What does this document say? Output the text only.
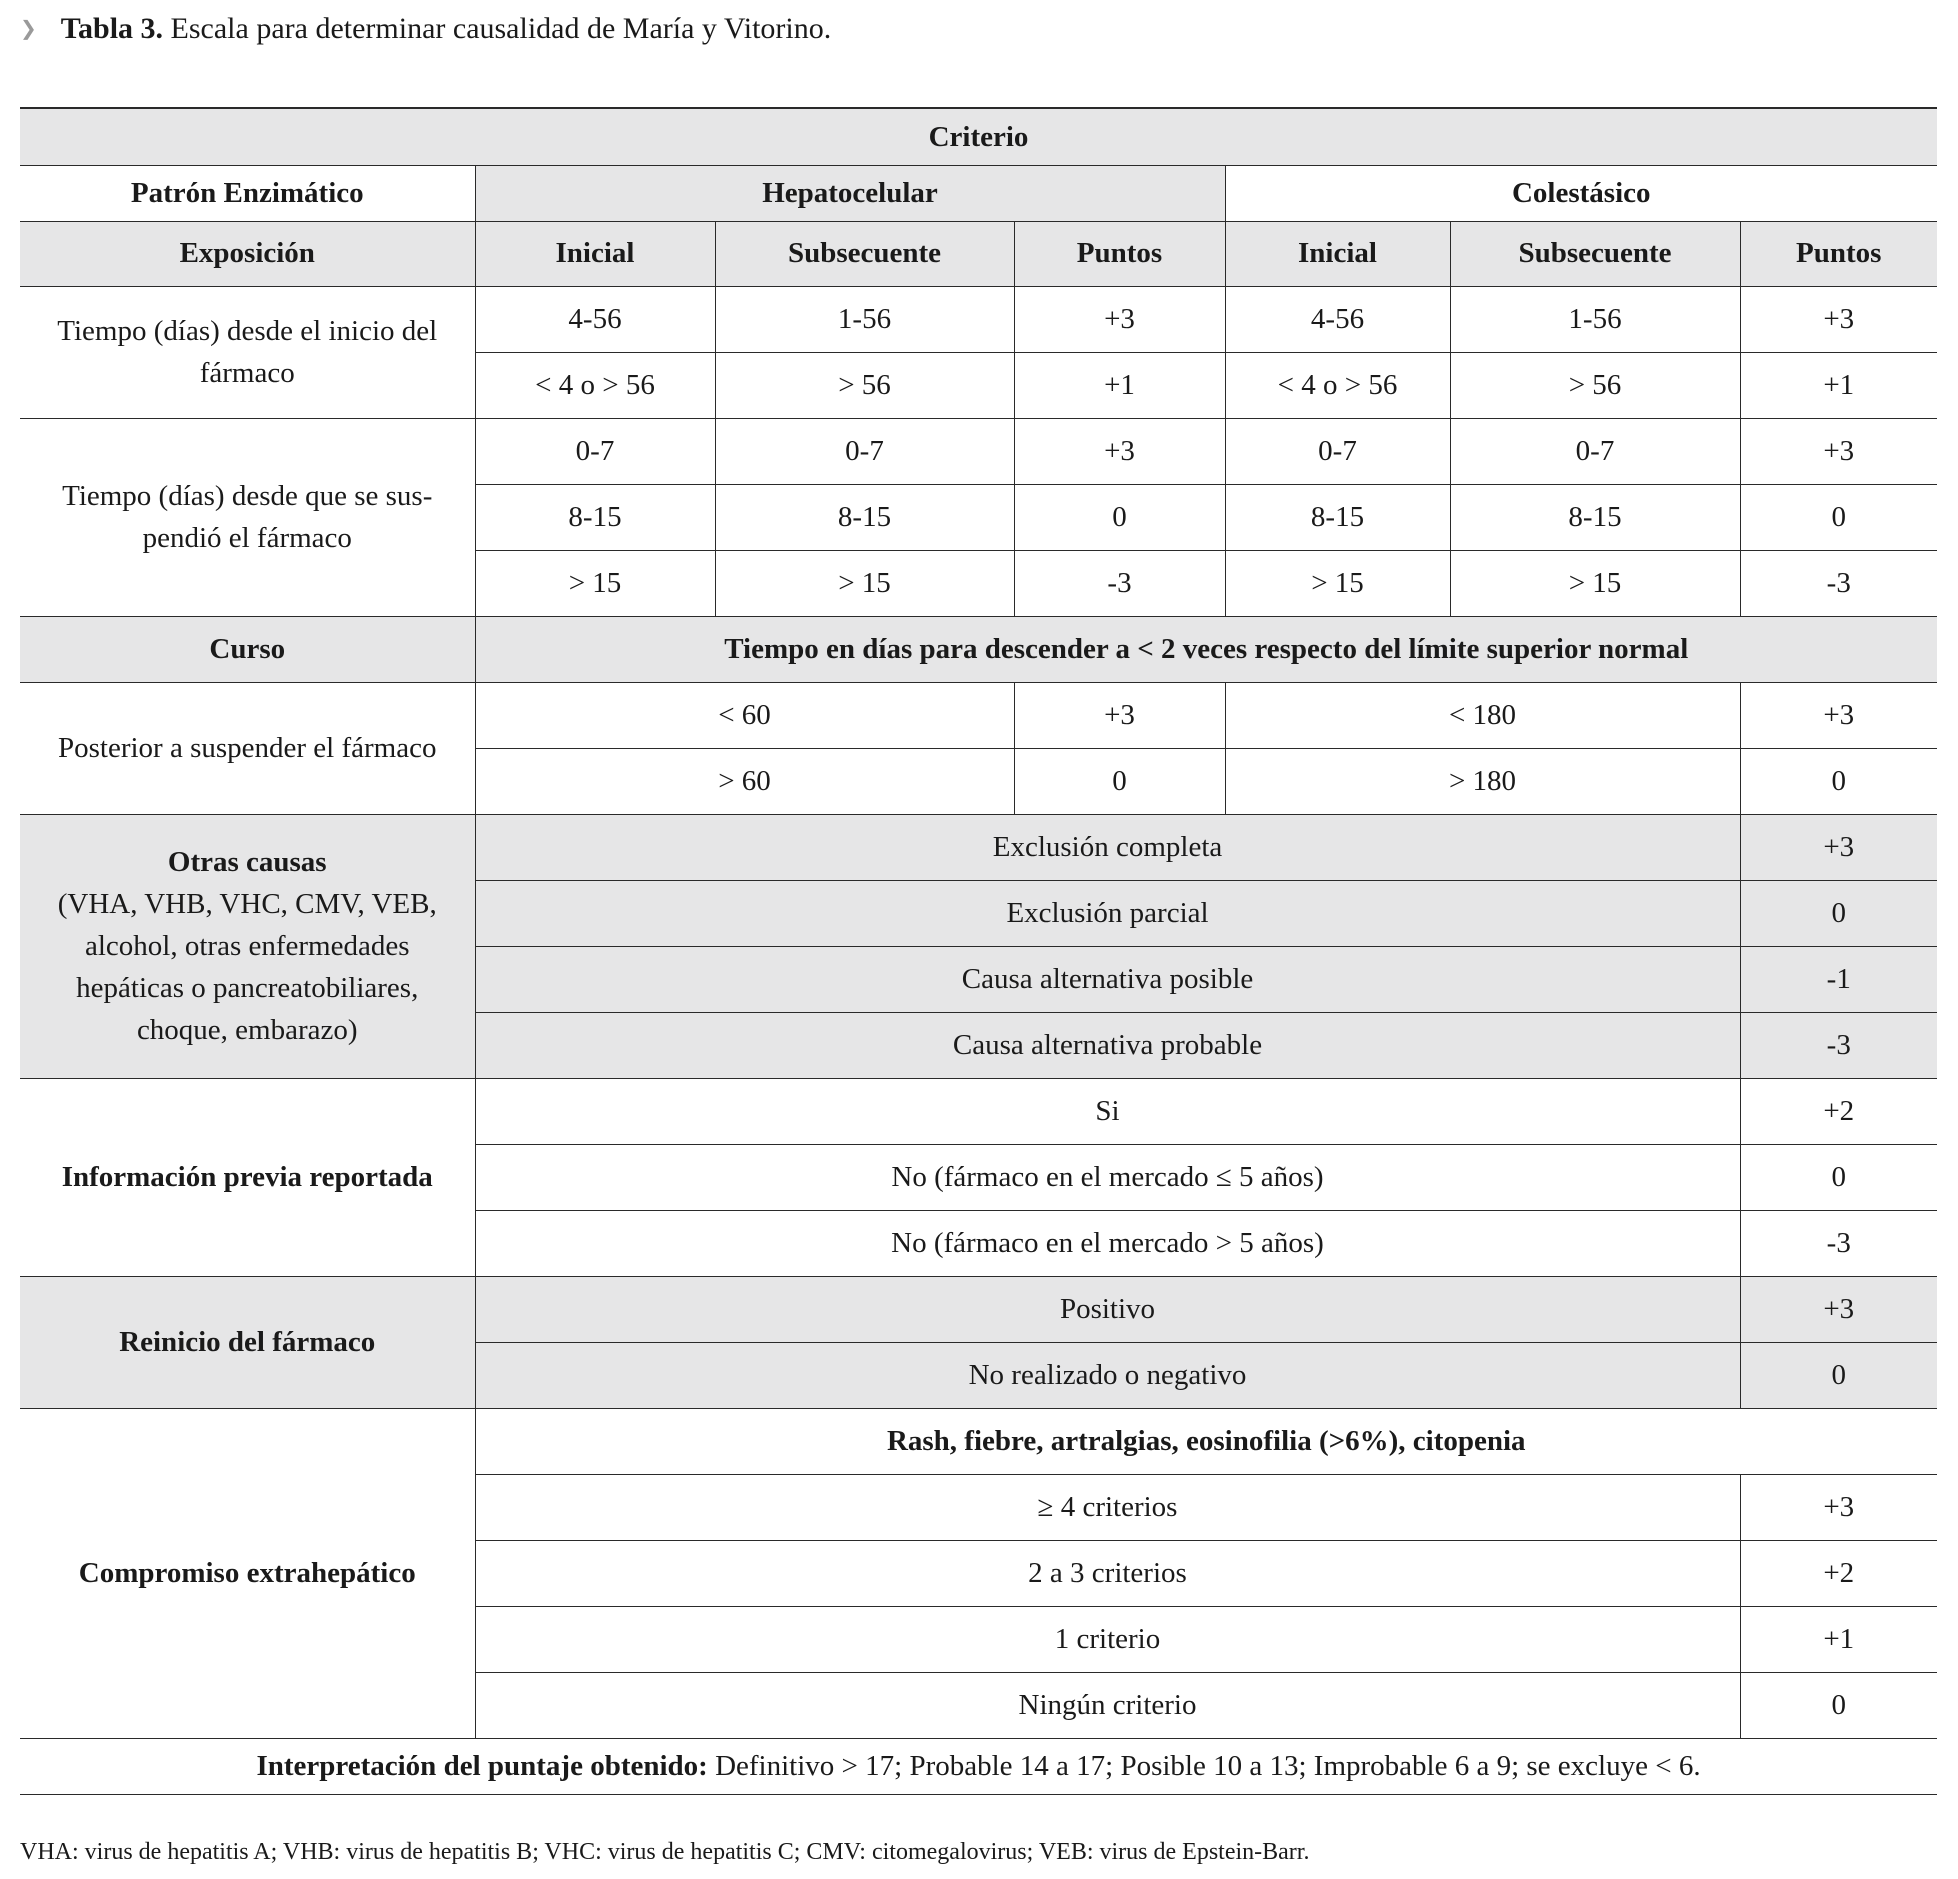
❯ Tabla 3. Escala para determinar causalidad de María y Vitorino.
Criterio						
Patrón Enzimático	Hepatocelular			Colestásico		
Exposición	Inicial	Subsecuente	Puntos	Inicial	Subsecuente	Puntos
Tiempo (días) desde el inicio del fármaco	4-56	1-56	+3	4-56	1-56	+3
	< 4 o > 56	> 56	+1	< 4 o > 56	> 56	+1
Tiempo (días) desde que se sus-pendió el fármaco	0-7	0-7	+3	0-7	0-7	+3
	8-15	8-15	0	8-15	8-15	0
	> 15	> 15	-3	> 15	> 15	-3
Curso	Tiempo en días para descender a < 2 veces respecto del límite superior normal					
Posterior a suspender el fármaco	< 60		+3	< 180		+3
	> 60		0	> 180		0
Otras causas
(VHA, VHB, VHC, CMV, VEB, alcohol, otras enfermedades hepáticas o pancreatobiliares, choque, embarazo)	Exclusión completa					+3
	Exclusión parcial					0
	Causa alternativa posible					-1
	Causa alternativa probable					-3
Información previa reportada	Si					+2
	No (fármaco en el mercado ≤ 5 años)					0
	No (fármaco en el mercado > 5 años)					-3
Reinicio del fármaco	Positivo					+3
	No realizado o negativo					0
Compromiso extrahepático	Rash, fiebre, artralgias, eosinofilia (>6%), citopenia					
	≥ 4 criterios					+3
	2 a 3 criterios					+2
	1 criterio					+1
	Ningún criterio					0
Interpretación del puntaje obtenido: Definitivo > 17; Probable 14 a 17; Posible 10 a 13; Improbable 6 a 9; se excluye < 6.						
VHA: virus de hepatitis A; VHB: virus de hepatitis B; VHC: virus de hepatitis C; CMV: citomegalovirus; VEB: virus de Epstein-Barr.
